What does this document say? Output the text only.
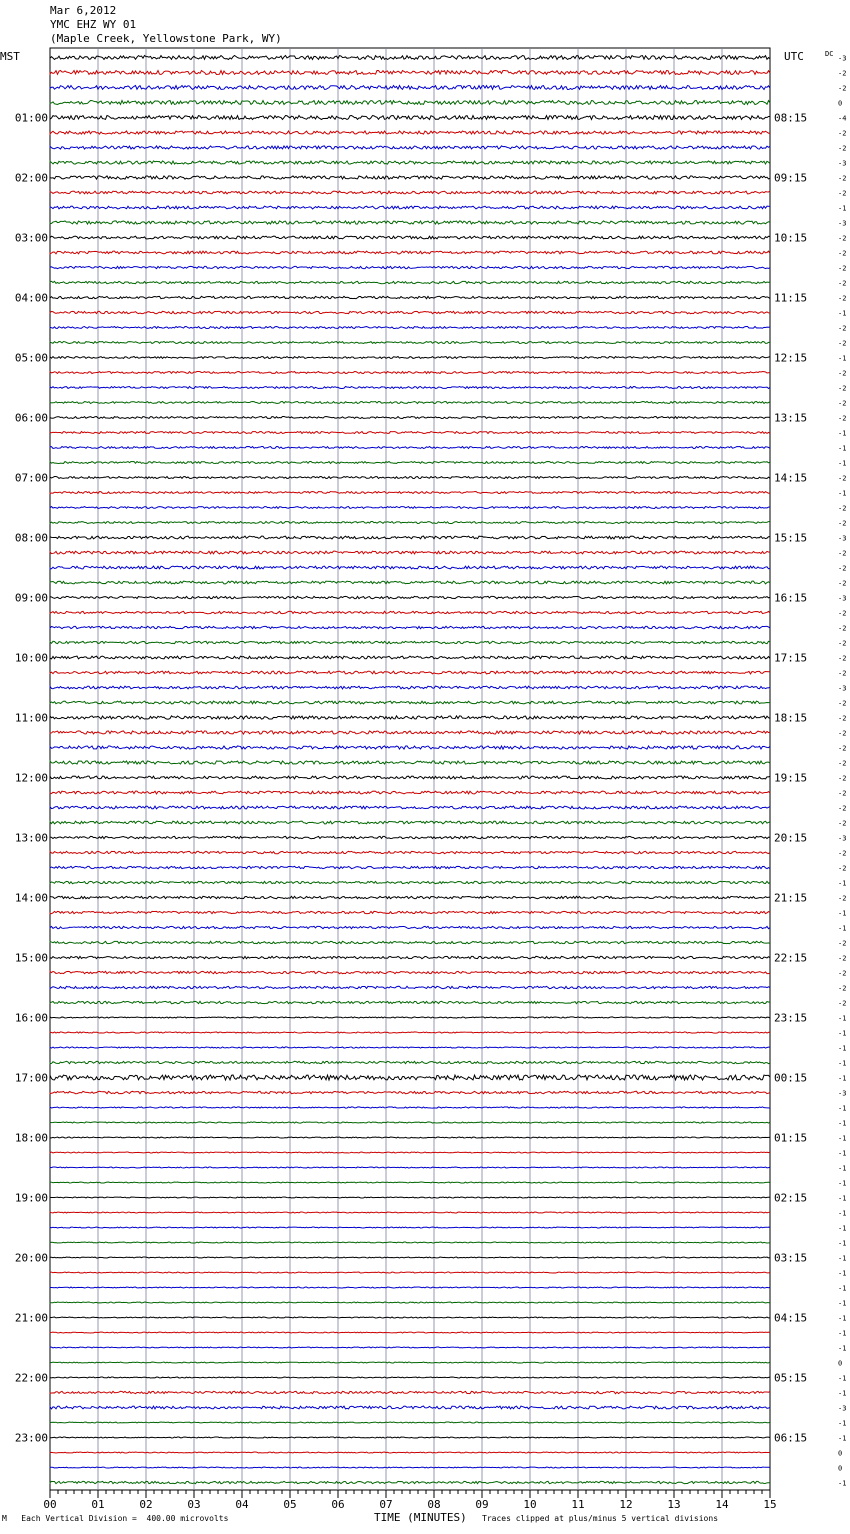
Mar 6,2012
YMC EHZ WY 01
(Maple Creek, Yellowstone Park, WY)
-3
-2
-2
0
-4
-2
-2
-3
-2
-2
-1
-3
-2
-2
-2
-2
-2
-1
-2
-2
-1
-2
-2
-2
-2
-1
-1
-1
-2
-1
-2
-2
-3
-2
-2
-2
-3
-2
-2
-2
-2
-2
-3
-2
-2
-2
-2
-2
-2
-2
-2
-2
-3
-2
-2
-1
-2
-1
-1
-2
-2
-2
-2
-2
-1
-1
-1
-1
-1
-3
-1
-1
-1
-1
-1
-1
-1
-1
-1
-1
-1
-1
-1
-1
-1
-1
-1
0
-1
-1
-3
-1
-1
0
0
-1
01:00	08:15
02:00	09:15
03:00	10:15
04:00	11:15
05:00	12:15
06:00	13:15
07:00	14:15
08:00	15:15
09:00	16:15
10:00	17:15
11:00	18:15
12:00	19:15
13:00	20:15
14:00	21:15
15:00	22:15
16:00	23:15
17:00	00:15
18:00	01:15
19:00	02:15
20:00	03:15
21:00	04:15
22:00	05:15
23:00	06:15
MST	UTC	DC
00	01	02	03	04	05	06	07	08	09	10	11	12	13	14	15
M Each Vertical Division =  400.00 microvolts	TIME (MINUTES) Traces clipped at plus/minus 5 vertical divisions
